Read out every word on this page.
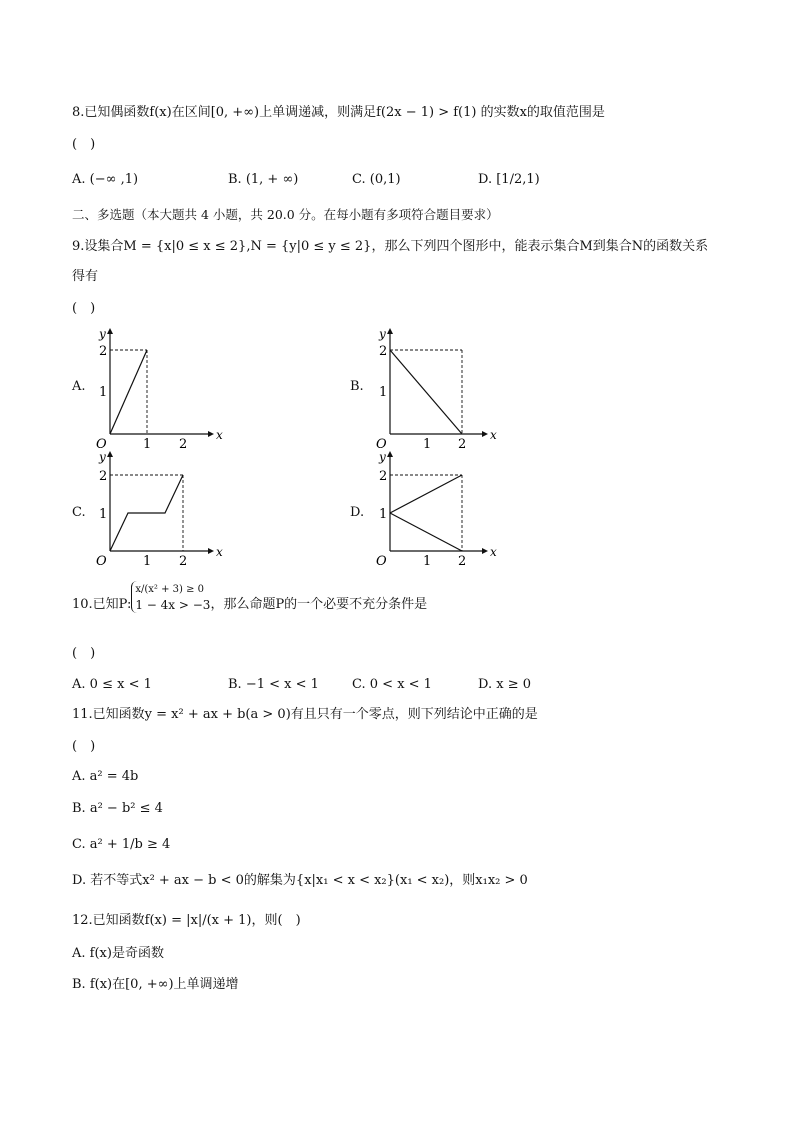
8.已知偶函数f(x)在区间[0, +∞)上单调递减，则满足f(2x − 1) > f(1) 的实数x的取值范围是
(　)
A. (−∞ ,1)	B. (1, + ∞)	C. (0,1)	D. [1/2,1)
二、多选题（本大题共 4 小题，共 20.0 分。在每小题有多项符合题目要求）
9.设集合M = {x|0 ≤ x ≤ 2},N = {y|0 ≤ y ≤ 2}，那么下列四个图形中，能表示集合M到集合N的函数关系
得有
(　)
A.
y
x
O
2
1
1 2
B.
y
x
O
2
1
1 2
C.
y
x
O
2
1
1 2
D.
y
x
O
2
1
1 2
10.已知P:
x/(x² + 3) ≥ 0
1 − 4x > −3 ，那么命题P的一个必要不充分条件是
(　)
A. 0 ≤ x < 1	B. −1 < x < 1	C. 0 < x < 1	D. x ≥ 0
11.已知函数y = x² + ax + b(a > 0)有且只有一个零点，则下列结论中正确的是
(　)
A. a² = 4b
B. a² − b² ≤ 4
C. a² + 1/b ≥ 4
D. 若不等式x² + ax − b < 0的解集为{x|x₁ < x < x₂}(x₁ < x₂)，则x₁x₂ > 0
12.已知函数f(x) = |x|/(x + 1)，则(　)
A. f(x)是奇函数
B. f(x)在[0, +∞)上单调递增
